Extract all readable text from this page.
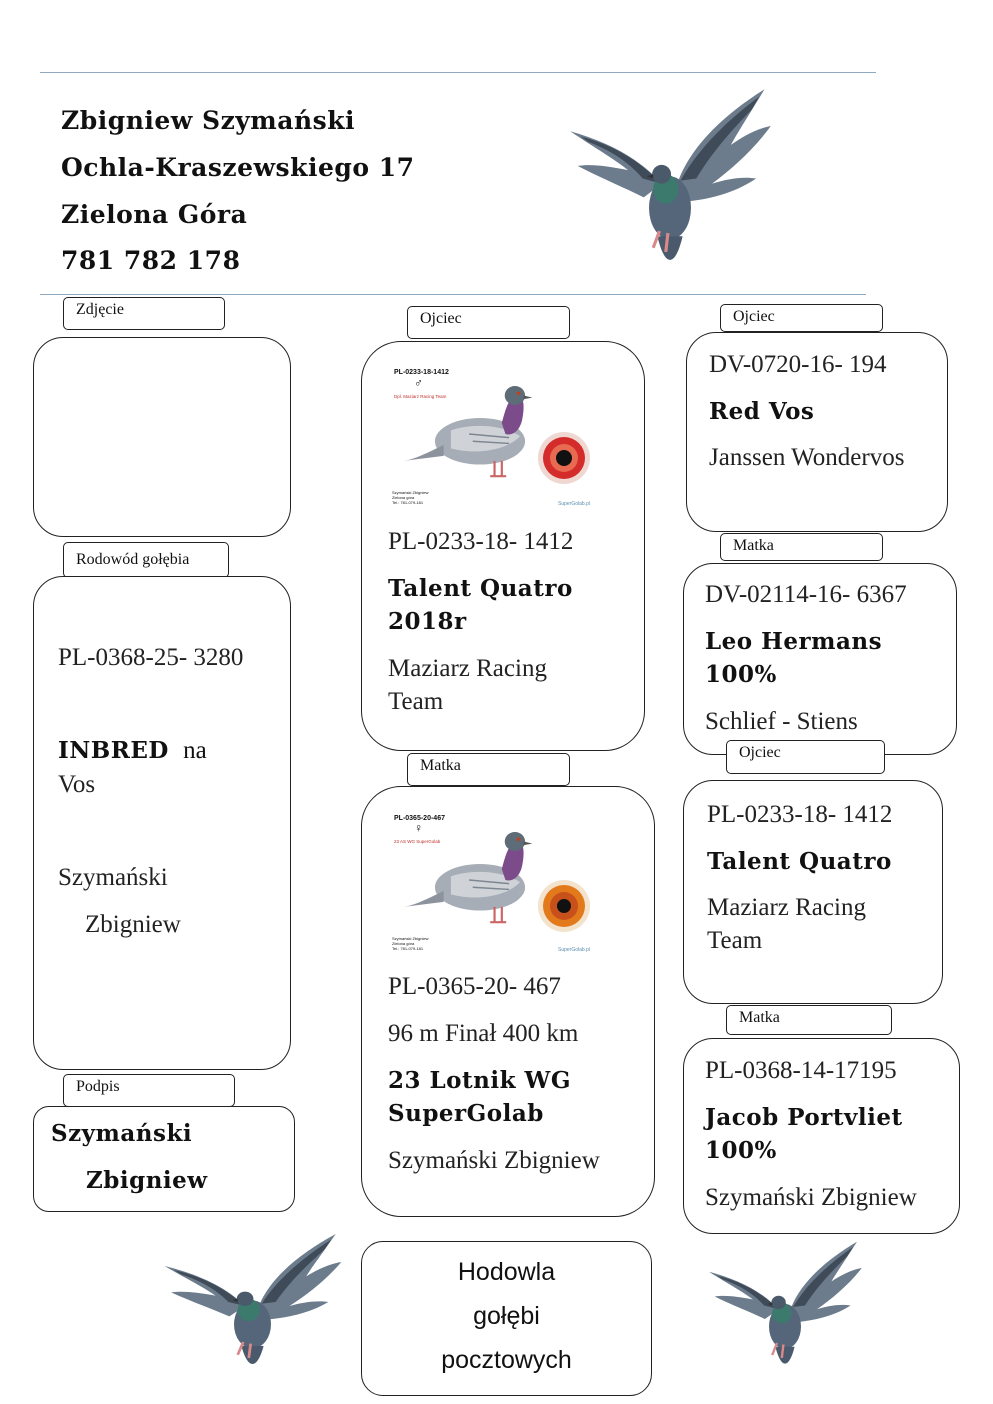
Zbigniew Szymański
Ochla-Kraszewskiego 17
Zielona Góra
781 782 178
Zdjęcie
Rodowód gołębia
PL-0368-25- 3280
INBRED na
Vos
Szymański
Zbigniew
Podpis
Szymański
Zbigniew
Ojciec
PL-0233-18-1412
♂
Dpl. Maziarz Racing Team
Szymański Zbigniew
Zielona góra
Tel.: 781-079-181	SuperGolab.pl
PL-0233-18- 1412
Talent Quatro
2018r
Maziarz Racing
Team
Matka
PL-0365-20-467
♀
23 AS WG SuperGolab
Szymański Zbigniew
Zielona góra
Tel.: 781-079-181	SuperGolab.pl
PL-0365-20- 467
96 m Finał 400 km
23 Lotnik WG
SuperGolab
Szymański Zbigniew
Hodowla
gołębi
pocztowych
Ojciec
DV-0720-16- 194
Red Vos
Janssen Wondervos
Matka
DV-02114-16- 6367
Leo Hermans
100%
Schlief - Stiens
Ojciec
PL-0233-18- 1412
Talent Quatro
Maziarz Racing
Team
Matka
PL-0368-14-17195
Jacob Portvliet
100%
Szymański Zbigniew
